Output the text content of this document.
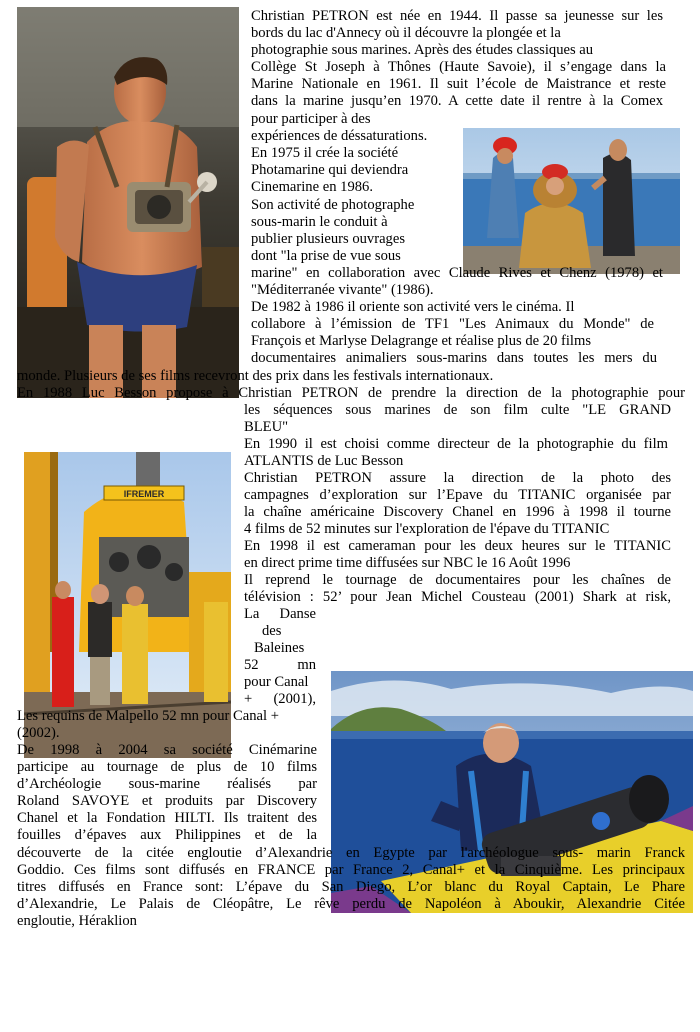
IFREMER
Christian PETRON est née en 1944. Il passe sa jeunesse sur les
bords du lac d'Annecy où il découvre la plongée et la
photographie sous marines. Après des études classiques au
Collège St Joseph à Thônes (Haute Savoie), il s’engage dans la
Marine Nationale en 1961. Il suit l’école de Maistrance et reste
dans la marine jusqu’en 1970. A cette date il rentre à la Comex
pour participer à des
expériences de déssaturations.
En 1975 il crée la société
Photamarine qui deviendra
Cinemarine en 1986.
Son activité de photographe
sous-marin le conduit à
publier plusieurs ouvrages
dont "la prise de vue sous
marine" en collaboration avec Claude Rives et Chenz (1978) et
"Méditerranée vivante" (1986).
De 1982 à 1986 il oriente son activité vers le cinéma. Il
collabore à l’émission de TF1 "Les Animaux du Monde" de
François et Marlyse Delagrange et réalise plus de 20 films
documentaires animaliers sous-marins dans toutes les mers du
monde. Plusieurs de ses films recevront des prix dans les festivals internationaux.
En 1988 Luc Besson propose à Christian PETRON de prendre la direction de la photographie pour
les séquences sous marines de son film culte "LE GRAND
BLEU"
En 1990 il est choisi comme directeur de la photographie du film
ATLANTIS de Luc Besson
Christian PETRON assure la direction de la photo des
campagnes d’exploration sur l’Epave du TITANIC organisée par
la chaîne américaine Discovery Chanel en 1996 à 1998 il tourne
4 films de 52 minutes sur l'exploration de l'épave du TITANIC
En 1998 il est cameraman pour les deux heures sur le TITANIC
en direct prime time diffusées sur NBC le 16 Août 1996
Il reprend le tournage de documentaires pour les chaînes de
télévision : 52’ pour Jean Michel Cousteau (2001) Shark at risk,
La Danse
des
Baleines
52 mn
pour Canal
+ (2001),
Les requins de Malpello 52 mn pour Canal +
(2002).
De 1998 à 2004 sa société Cinémarine
participe au tournage de plus de 10 films
d’Archéologie sous-marine réalisés par
Roland SAVOYE et produits par Discovery
Chanel et la Fondation HILTI. Ils traitent des
fouilles d’épaves aux Philippines et de la
découverte de la citée engloutie d’Alexandrie en Egypte par l'archéologue sous- marin Franck
Goddio. Ces films sont diffusés en FRANCE par France 2, Canal+ et la Cinquième. Les principaux
titres diffusés en France sont: L’épave du San Diego, L’or blanc du Royal Captain, Le Phare
d’Alexandrie, Le Palais de Cléopâtre, Le rêve perdu de Napoléon à Aboukir, Alexandrie Citée
engloutie, Héraklion
